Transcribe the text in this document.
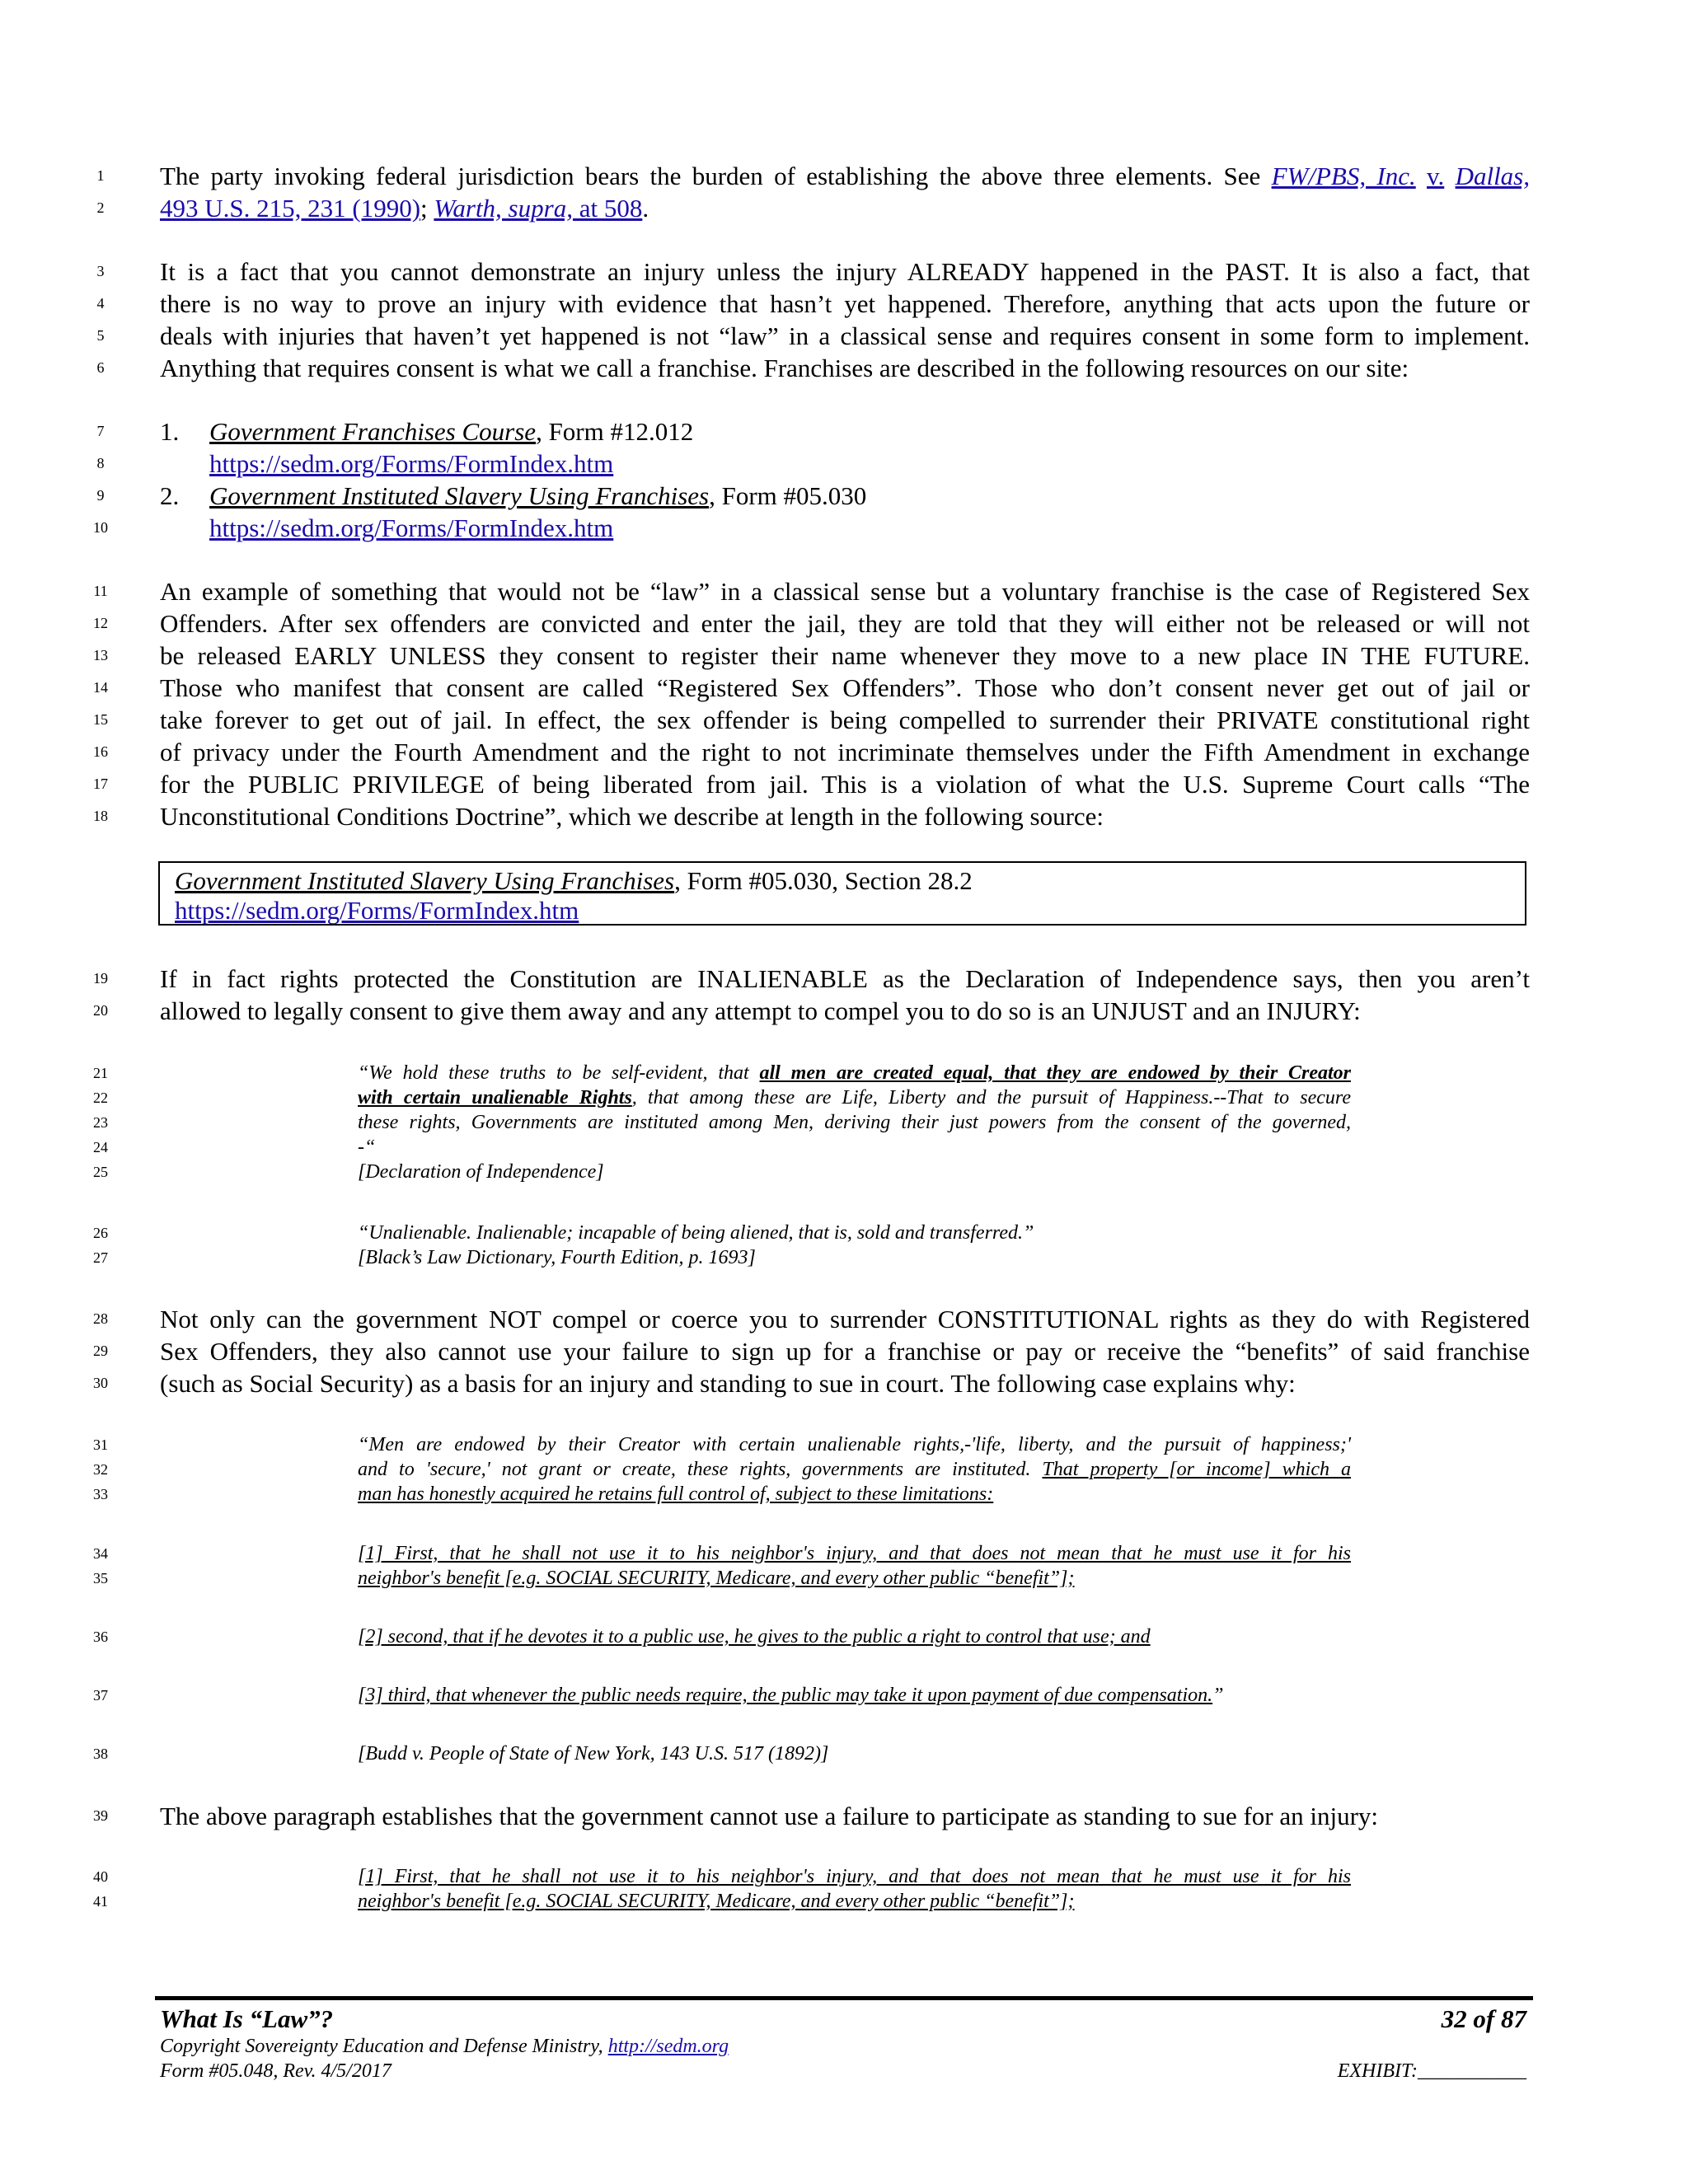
1
2
The party invoking federal jurisdiction bears the burden of establishing the above three elements. See FW/PBS, Inc. v. Dallas,
493 U.S. 215, 231 (1990); Warth, supra, at 508.
3
4
5
6
It is a fact that you cannot demonstrate an injury unless the injury ALREADY happened in the PAST. It is also a fact, that
there is no way to prove an injury with evidence that hasn’t yet happened. Therefore, anything that acts upon the future or
deals with injuries that haven’t yet happened is not “law” in a classical sense and requires consent in some form to implement.
Anything that requires consent is what we call a franchise. Franchises are described in the following resources on our site:
7
8
9
10
1. Government Franchises Course, Form #12.012
https://sedm.org/Forms/FormIndex.htm
2. Government Instituted Slavery Using Franchises, Form #05.030
https://sedm.org/Forms/FormIndex.htm
11
12
13
14
15
16
17
18
An example of something that would not be “law” in a classical sense but a voluntary franchise is the case of Registered Sex
Offenders. After sex offenders are convicted and enter the jail, they are told that they will either not be released or will not
be released EARLY UNLESS they consent to register their name whenever they move to a new place IN THE FUTURE.
Those who manifest that consent are called “Registered Sex Offenders”. Those who don’t consent never get out of jail or
take forever to get out of jail. In effect, the sex offender is being compelled to surrender their PRIVATE constitutional right
of privacy under the Fourth Amendment and the right to not incriminate themselves under the Fifth Amendment in exchange
for the PUBLIC PRIVILEGE of being liberated from jail. This is a violation of what the U.S. Supreme Court calls “The
Unconstitutional Conditions Doctrine”, which we describe at length in the following source:
Government Instituted Slavery Using Franchises, Form #05.030, Section 28.2
https://sedm.org/Forms/FormIndex.htm
19
20
If in fact rights protected the Constitution are INALIENABLE as the Declaration of Independence says, then you aren’t
allowed to legally consent to give them away and any attempt to compel you to do so is an UNJUST and an INJURY:
21
22
23
24
25
“We hold these truths to be self-evident, that all men are created equal, that they are endowed by their Creator
with certain unalienable Rights, that among these are Life, Liberty and the pursuit of Happiness.--That to secure
these rights, Governments are instituted among Men, deriving their just powers from the consent of the governed,
-“
[Declaration of Independence]
26
27
“Unalienable. Inalienable; incapable of being aliened, that is, sold and transferred.”
[Black’s Law Dictionary, Fourth Edition, p. 1693]
28
29
30
Not only can the government NOT compel or coerce you to surrender CONSTITUTIONAL rights as they do with Registered
Sex Offenders, they also cannot use your failure to sign up for a franchise or pay or receive the “benefits” of said franchise
(such as Social Security) as a basis for an injury and standing to sue in court. The following case explains why:
31
32
33
“Men are endowed by their Creator with certain unalienable rights,-'life, liberty, and the pursuit of happiness;'
and to 'secure,' not grant or create, these rights, governments are instituted. That property [or income] which a
man has honestly acquired he retains full control of, subject to these limitations:
34
35
[1] First, that he shall not use it to his neighbor's injury, and that does not mean that he must use it for his
neighbor's benefit [e.g. SOCIAL SECURITY, Medicare, and every other public “benefit”];
36	[2] second, that if he devotes it to a public use, he gives to the public a right to control that use; and
37	[3] third, that whenever the public needs require, the public may take it upon payment of due compensation.”
38	[Budd v. People of State of New York, 143 U.S. 517 (1892)]
39 The above paragraph establishes that the government cannot use a failure to participate as standing to sue for an injury:
40
41
[1] First, that he shall not use it to his neighbor's injury, and that does not mean that he must use it for his
neighbor's benefit [e.g. SOCIAL SECURITY, Medicare, and every other public “benefit”];
What Is “Law”?	32 of 87
Copyright Sovereignty Education and Defense Ministry, http://sedm.org
Form #05.048, Rev. 4/5/2017	EXHIBIT:___________
